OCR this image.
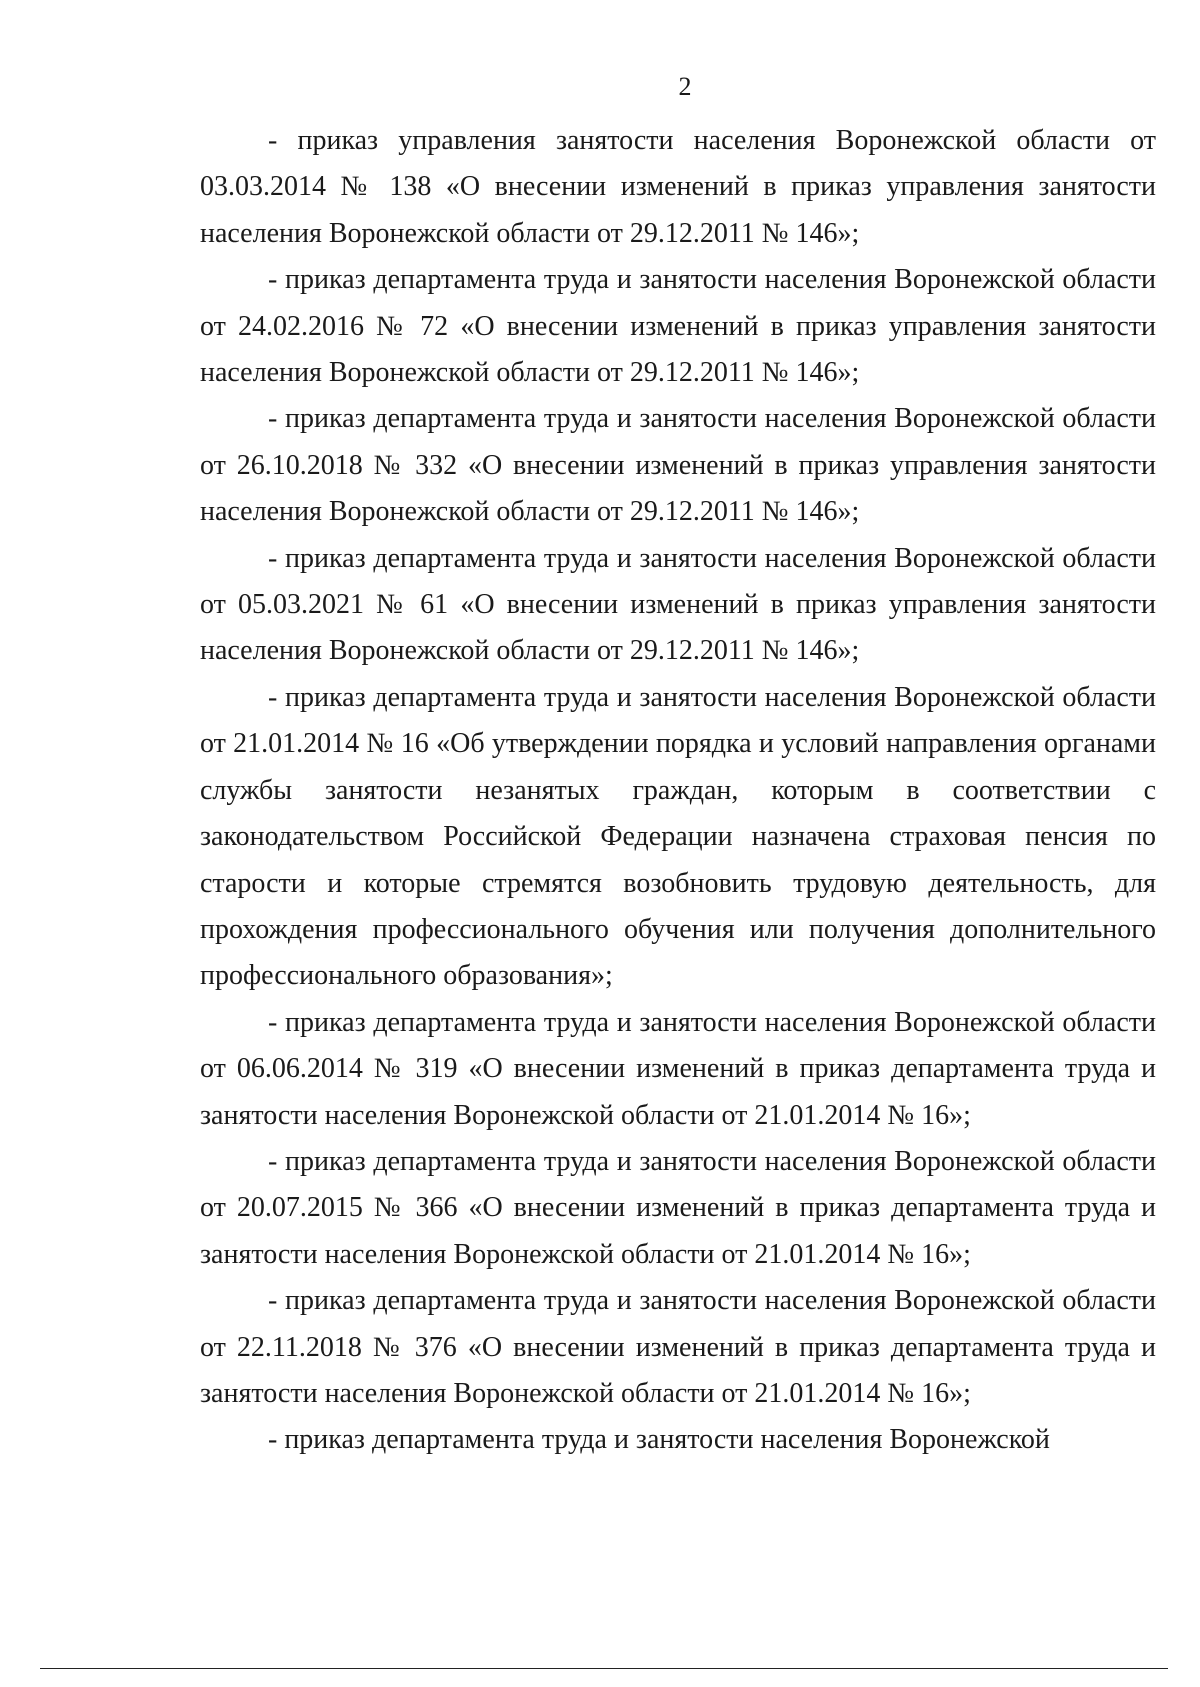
2

- приказ управления занятости населения Воронежской области от 03.03.2014 № 138 «О внесении изменений в приказ управления занятости населения Воронежской области от 29.12.2011 № 146»;

- приказ департамента труда и занятости населения Воронежской области от 24.02.2016 № 72 «О внесении изменений в приказ управления занятости населения Воронежской области от 29.12.2011 № 146»;

- приказ департамента труда и занятости населения Воронежской области от 26.10.2018 № 332 «О внесении изменений в приказ управления занятости населения Воронежской области от 29.12.2011 № 146»;

- приказ департамента труда и занятости населения Воронежской области от 05.03.2021 № 61 «О внесении изменений в приказ управления занятости населения Воронежской области от 29.12.2011 № 146»;

- приказ департамента труда и занятости населения Воронежской области от 21.01.2014 № 16 «Об утверждении порядка и условий направления органами службы занятости незанятых граждан, которым в соответствии с законодательством Российской Федерации назначена страховая пенсия по старости и которые стремятся возобновить трудовую деятельность, для прохождения профессионального обучения или получения дополнительного профессионального образования»;

- приказ департамента труда и занятости населения Воронежской области от 06.06.2014 № 319 «О внесении изменений в приказ департамента труда и занятости населения Воронежской области от 21.01.2014 № 16»;

- приказ департамента труда и занятости населения Воронежской области от 20.07.2015 № 366 «О внесении изменений в приказ департамента труда и занятости населения Воронежской области от 21.01.2014 № 16»;

- приказ департамента труда и занятости населения Воронежской области от 22.11.2018 № 376 «О внесении изменений в приказ департамента труда и занятости населения Воронежской области от 21.01.2014 № 16»;

- приказ департамента труда и занятости населения Воронежской
